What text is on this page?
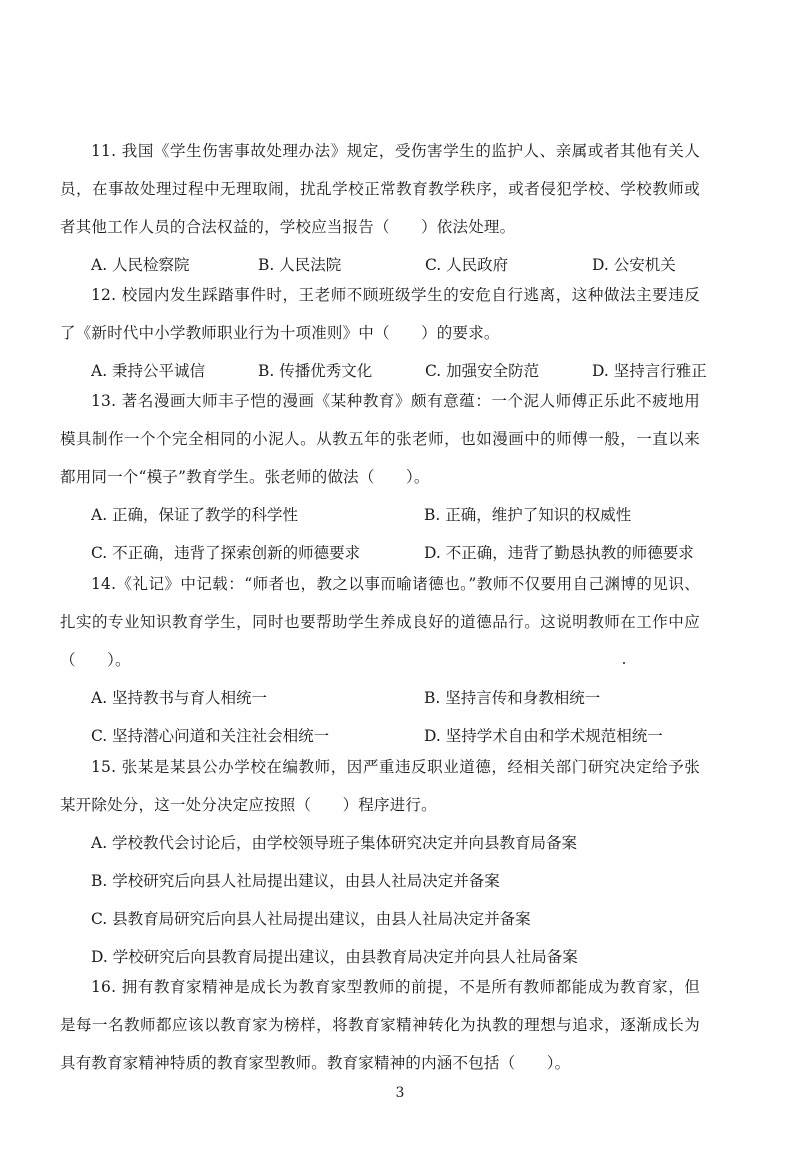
11. 我国《学生伤害事故处理办法》规定，受伤害学生的监护人、亲属或者其他有关人员，在事故处理过程中无理取闹，扰乱学校正常教育教学秩序，或者侵犯学校、学校教师或者其他工作人员的合法权益的，学校应当报告（　　）依法处理。

A. 人民检察院	B. 人民法院	C. 人民政府	D. 公安机关

12. 校园内发生踩踏事件时，王老师不顾班级学生的安危自行逃离，这种做法主要违反了《新时代中小学教师职业行为十项准则》中（　　）的要求。

A. 秉持公平诚信	B. 传播优秀文化	C. 加强安全防范	D. 坚持言行雅正

13. 著名漫画大师丰子恺的漫画《某种教育》颇有意蕴：一个泥人师傅正乐此不疲地用模具制作一个个完全相同的小泥人。从教五年的张老师，也如漫画中的师傅一般，一直以来都用同一个“模子”教育学生。张老师的做法（　　）。

A. 正确，保证了教学的科学性	B. 正确，维护了知识的权威性
C. 不正确，违背了探索创新的师德要求	D. 不正确，违背了勤恳执教的师德要求

14.《礼记》中记载：“师者也，教之以事而喻诸德也。”教师不仅要用自己渊博的见识、扎实的专业知识教育学生，同时也要帮助学生养成良好的道德品行。这说明教师在工作中应（　　）。

A. 坚持教书与育人相统一	B. 坚持言传和身教相统一
C. 坚持潜心问道和关注社会相统一	D. 坚持学术自由和学术规范相统一

15. 张某是某县公办学校在编教师，因严重违反职业道德，经相关部门研究决定给予张某开除处分，这一处分决定应按照（　　）程序进行。

A. 学校教代会讨论后，由学校领导班子集体研究决定并向县教育局备案
B. 学校研究后向县人社局提出建议，由县人社局决定并备案
C. 县教育局研究后向县人社局提出建议，由县人社局决定并备案
D. 学校研究后向县教育局提出建议，由县教育局决定并向县人社局备案

16. 拥有教育家精神是成长为教育家型教师的前提，不是所有教师都能成为教育家，但是每一名教师都应该以教育家为榜样，将教育家精神转化为执教的理想与追求，逐渐成长为具有教育家精神特质的教育家型教师。教育家精神的内涵不包括（　　）。

3
